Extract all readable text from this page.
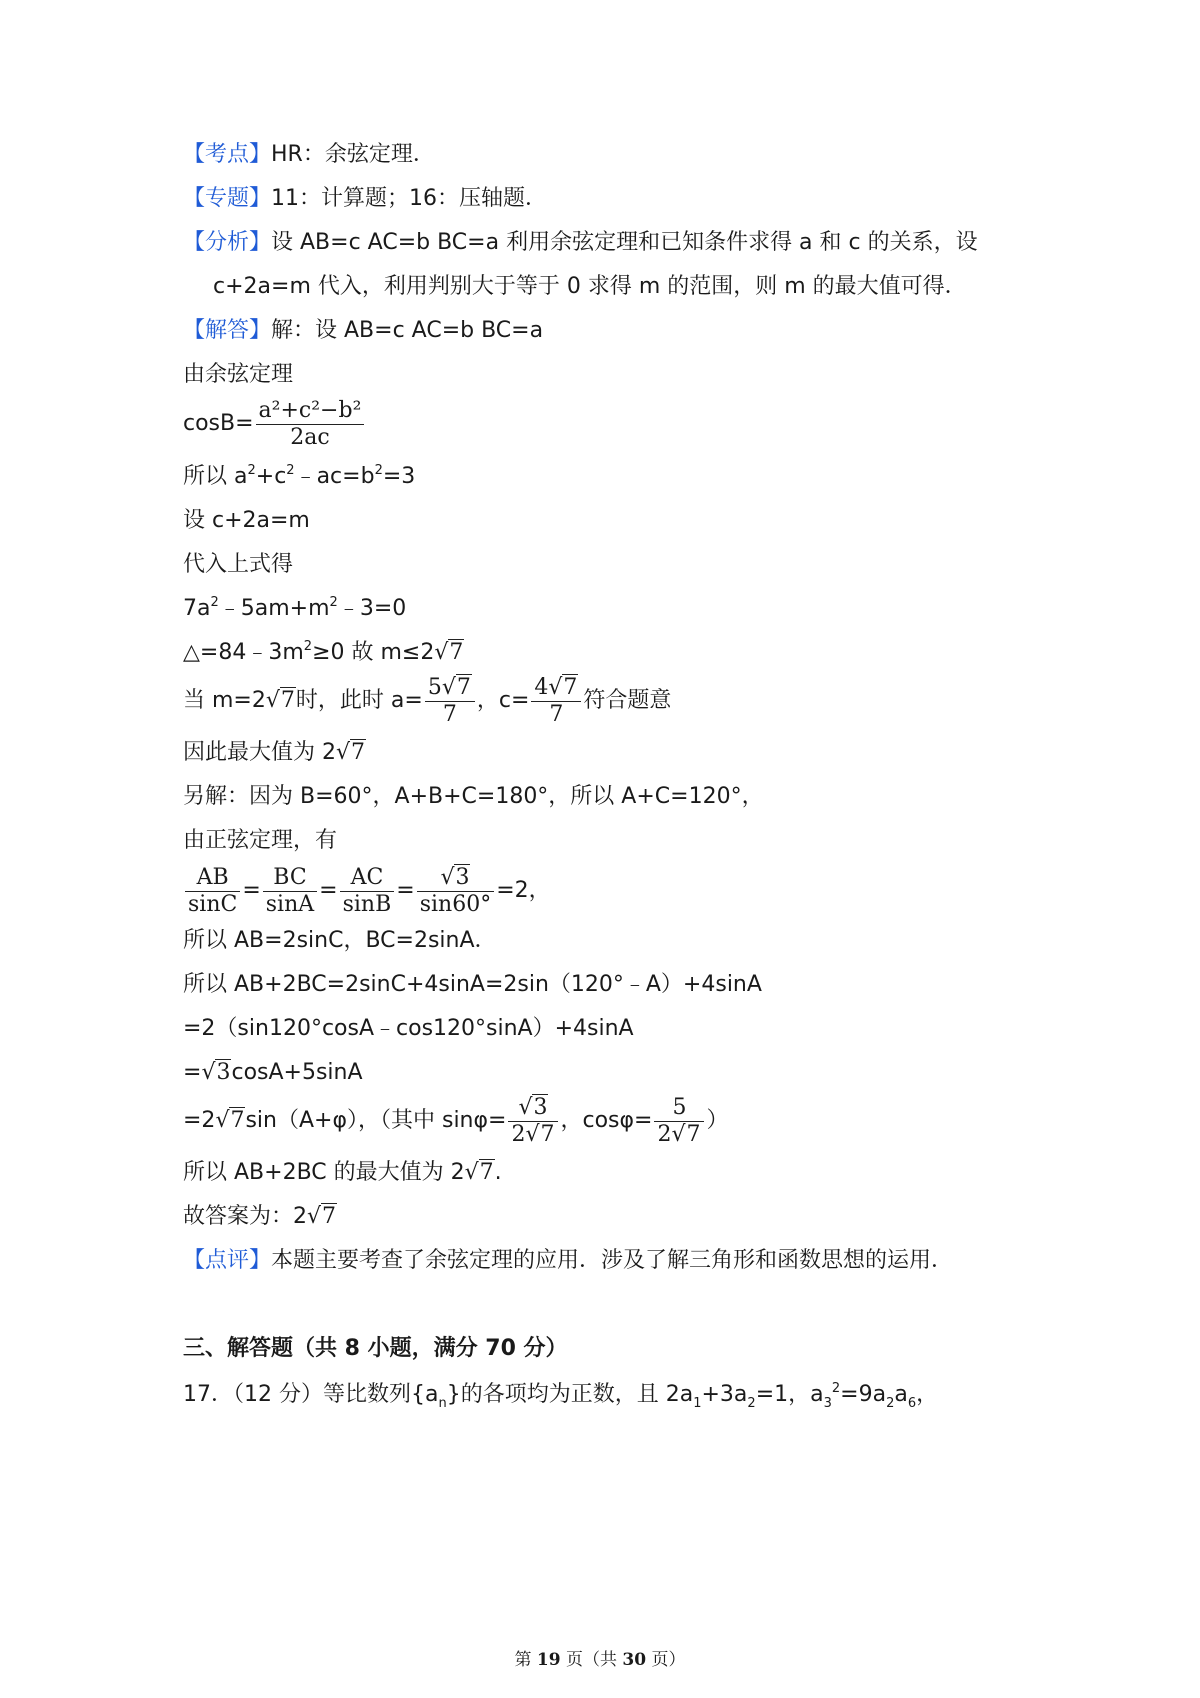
【考点】HR：余弦定理．
【专题】11：计算题；16：压轴题．
【分析】设 AB=c AC=b BC=a 利用余弦定理和已知条件求得 a 和 c 的关系，设
c+2a=m 代入，利用判别大于等于 0 求得 m 的范围，则 m 的最大值可得．
【解答】解：设 AB=c AC=b BC=a
由余弦定理
$\cos B= \frac{\text{a²+c²−b²}}{2ac}$
所以 $a^2+c^2﹣ac=b^2=3$
设 c+2a=m
代入上式得
$7a^2﹣5am+m^2﹣3=0$
$\triangle=84﹣3m^2\ge 0$ 故 m≤2√7
当 m=2√7时，此时 $a= \frac{5√7}{7}$ ，$c= \frac{4√7}{7}$ 符合题意
因此最大值为 2√7
另解：因为 B=60°，A+B+C=180°，所以 A+C=120°，
由正弦定理，有
$\frac{AB}{\sin C} = \frac{BC}{\sin A} = \frac{AC}{\sin B} = \frac{√3}{\sin 60^\circ} =2$，
所以 AB=2sinC，BC=2sinA．
所以 AB+2BC=2sinC+4sinA=2sin（120°﹣A）+4sinA
=2（sin120°cosA﹣cos120°sinA）+4sinA
=√3cosA+5sinA
=2√7sin（A+φ），（其中 $\sin\varphi= \frac{√3}{2√7}$ ，$\cos\varphi= \frac{5}{2√7}$ ）
所以 AB+2BC 的最大值为 2√7.
故答案为：2√7
【点评】本题主要考查了余弦定理的应用．涉及了解三角形和函数思想的运用．
三、解答题（共 8 小题，满分 70 分）
17．（12 分）等比数列$\{a_n\}$的各项均为正数，且 $2a_1+3a_2=1$，$a_3^2=9a_2a_6$，
第 19 页（共 30 页）
